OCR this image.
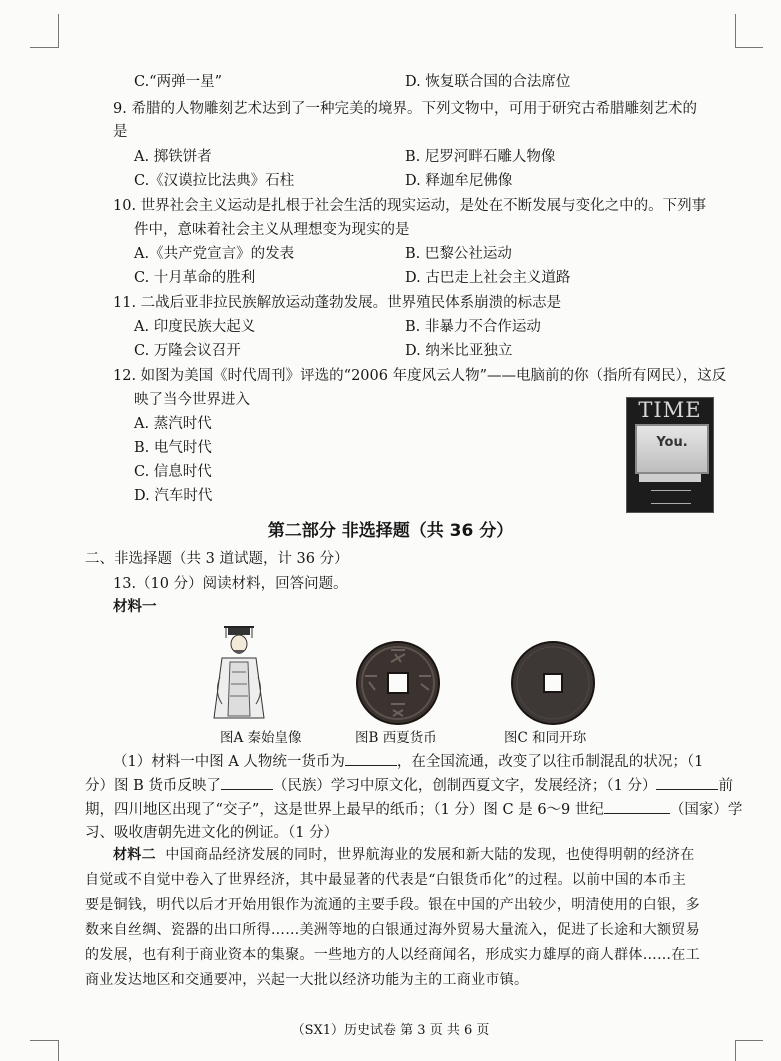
C.“两弹一星”	D. 恢复联合国的合法席位
9. 希腊的人物雕刻艺术达到了一种完美的境界。下列文物中，可用于研究古希腊雕刻艺术的
是
A. 掷铁饼者	B. 尼罗河畔石雕人物像
C.《汉谟拉比法典》石柱	D. 释迦牟尼佛像
10. 世界社会主义运动是扎根于社会生活的现实运动，是处在不断发展与变化之中的。下列事
件中，意味着社会主义从理想变为现实的是
A.《共产党宣言》的发表	B. 巴黎公社运动
C. 十月革命的胜利	D. 古巴走上社会主义道路
11. 二战后亚非拉民族解放运动蓬勃发展。世界殖民体系崩溃的标志是
A. 印度民族大起义	B. 非暴力不合作运动
C. 万隆会议召开	D. 纳米比亚独立
12. 如图为美国《时代周刊》评选的“2006 年度风云人物”——电脑前的你（指所有网民），这反
映了当今世界进入
A. 蒸汽时代
B. 电气时代
C. 信息时代
D. 汽车时代
TIME
You.
第二部分 非选择题（共 36 分）
二、非选择题（共 3 道试题，计 36 分）
13.（10 分）阅读材料，回答问题。
材料一
图A 秦始皇像	图B 西夏货币	图C 和同开珎
（1）材料一中图 A 人物统一货币为	，在全国流通，改变了以往币制混乱的状况；（1
分）图 B 货币反映了	（民族）学习中原文化，创制西夏文字，发展经济；（1 分）	前
期，四川地区出现了“交子”，这是世界上最早的纸币；（1 分）图 C 是 6～9 世纪	（国家）学
习、吸收唐朝先进文化的例证。（1 分）
材料二 中国商品经济发展的同时，世界航海业的发展和新大陆的发现，也使得明朝的经济在
自觉或不自觉中卷入了世界经济，其中最显著的代表是“白银货币化”的过程。以前中国的本币主
要是铜钱，明代以后才开始用银作为流通的主要手段。银在中国的产出较少，明清使用的白银，多
数来自丝绸、瓷器的出口所得……美洲等地的白银通过海外贸易大量流入，促进了长途和大额贸易
的发展，也有利于商业资本的集聚。一些地方的人以经商闻名，形成实力雄厚的商人群体……在工
商业发达地区和交通要冲，兴起一大批以经济功能为主的工商业市镇。
（SX1）历史试卷 第 3 页 共 6 页
